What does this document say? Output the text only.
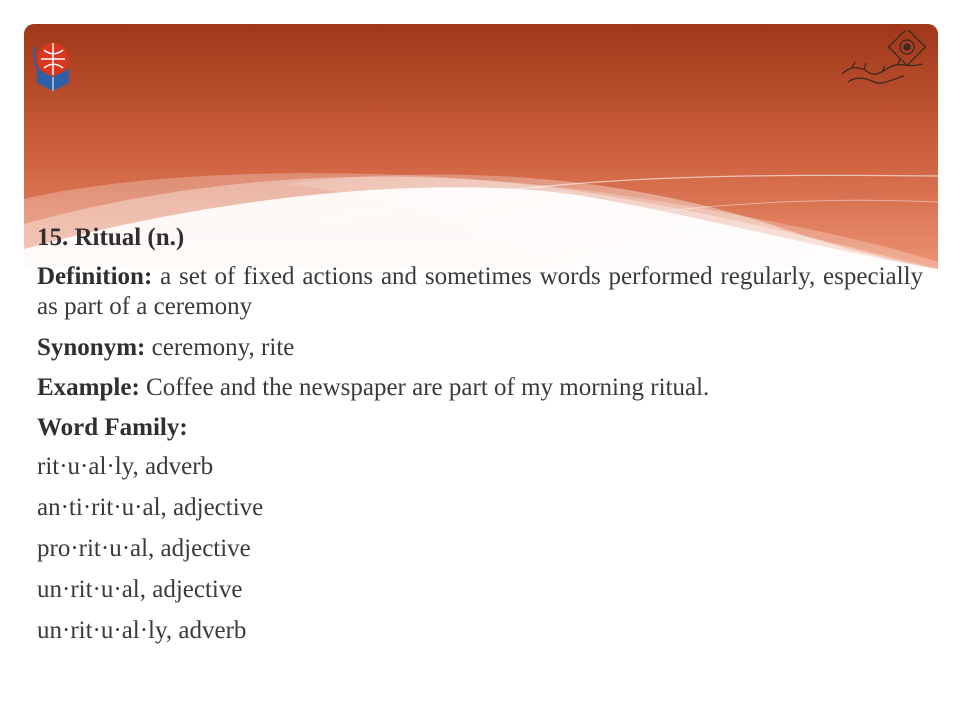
15. Ritual (n.)
Definition: a set of fixed actions and sometimes words performed regularly, especially as part of a ceremony
Synonym: ceremony, rite
Example: Coffee and the newspaper are part of my morning ritual.
Word Family:
rit·u·al·ly, adverb
an·ti·rit·u·al, adjective
pro·rit·u·al, adjective
un·rit·u·al, adjective
un·rit·u·al·ly, adverb
